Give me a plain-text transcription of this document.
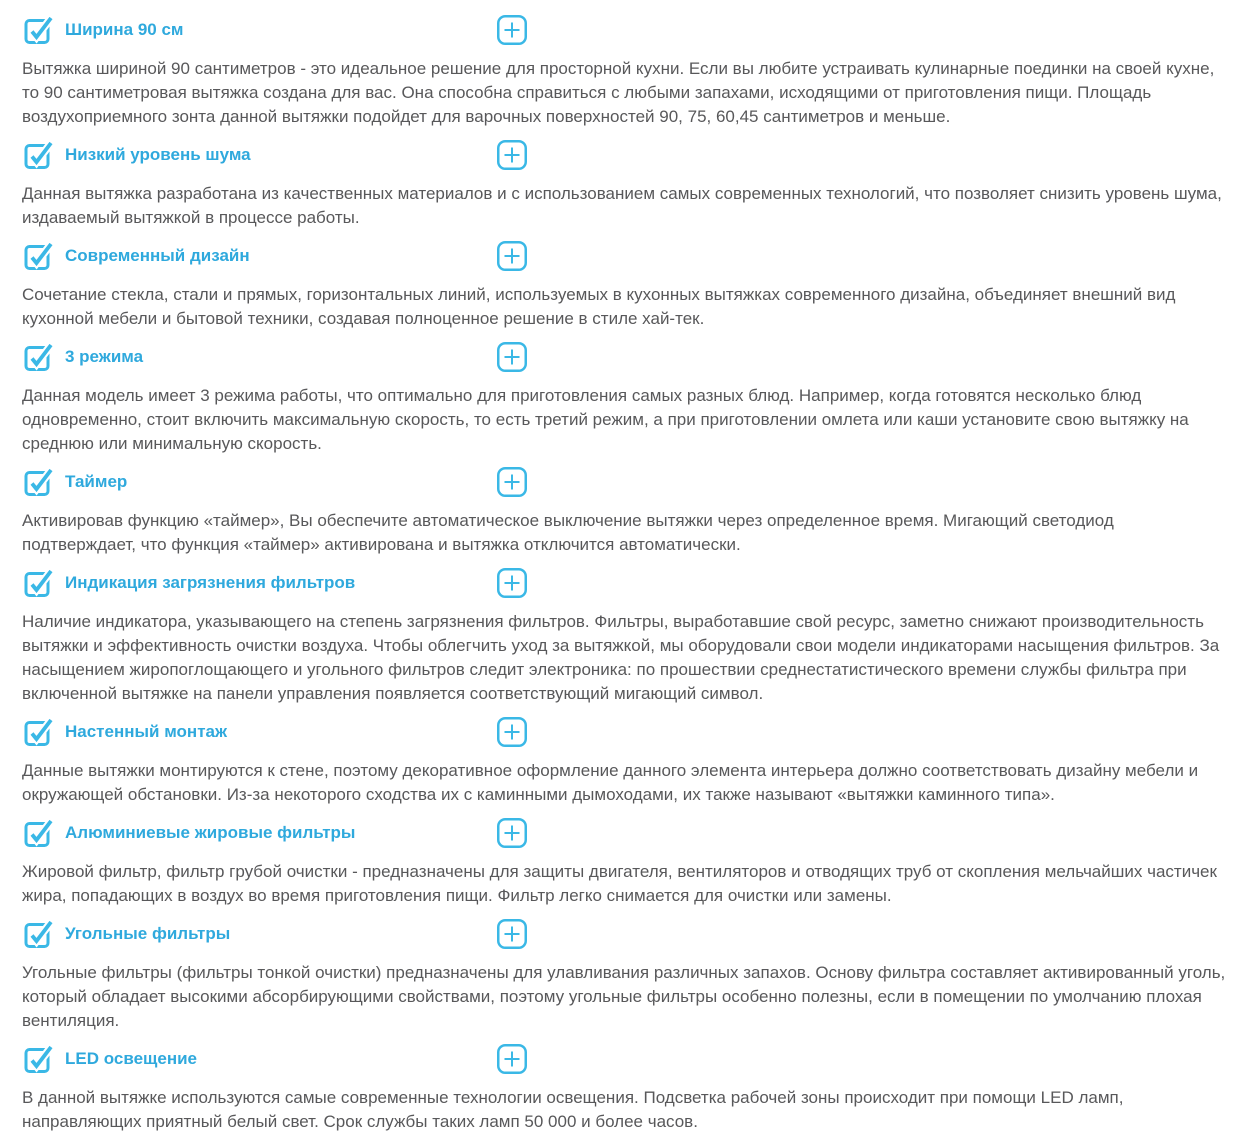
Ширина 90 см

Вытяжка шириной 90 сантиметров - это идеальное решение для просторной кухни. Если вы любите устраивать кулинарные поединки на своей кухне, то 90 сантиметровая вытяжка создана для вас. Она способна справиться с любыми запахами, исходящими от приготовления пищи. Площадь воздухоприемного зонта данной вытяжки подойдет для варочных поверхностей 90, 75, 60,45 сантиметров и меньше.

Низкий уровень шума

Данная вытяжка разработана из качественных материалов и с использованием самых современных технологий, что позволяет снизить уровень шума, издаваемый вытяжкой в процессе работы.

Современный дизайн

Сочетание стекла, стали и прямых, горизонтальных линий, используемых в кухонных вытяжках современного дизайна, объединяет внешний вид кухонной мебели и бытовой техники, создавая полноценное решение в стиле хай-тек.

3 режима

Данная модель имеет 3 режима работы, что оптимально для приготовления самых разных блюд. Например, когда готовятся несколько блюд одновременно, стоит включить максимальную скорость, то есть третий режим, а при приготовлении омлета или каши установите свою вытяжку на среднюю или минимальную скорость.

Таймер

Активировав функцию «таймер», Вы обеспечите автоматическое выключение вытяжки через определенное время. Мигающий светодиод подтверждает, что функция «таймер» активирована и вытяжка отключится автоматически.

Индикация загрязнения фильтров

Наличие индикатора, указывающего на степень загрязнения фильтров. Фильтры, выработавшие свой ресурс, заметно снижают производительность вытяжки и эффективность очистки воздуха. Чтобы облегчить уход за вытяжкой, мы оборудовали свои модели индикаторами насыщения фильтров. За насыщением жиропоглощающего и угольного фильтров следит электроника: по прошествии среднестатистического времени службы фильтра при включенной вытяжке на панели управления появляется соответствующий мигающий символ.

Настенный монтаж

Данные вытяжки монтируются к стене, поэтому декоративное оформление данного элемента интерьера должно соответствовать дизайну мебели и окружающей обстановки. Из-за некоторого сходства их с каминными дымоходами, их также называют «вытяжки каминного типа».

Алюминиевые жировые фильтры

Жировой фильтр, фильтр грубой очистки - предназначены для защиты двигателя, вентиляторов и отводящих труб от скопления мельчайших частичек жира, попадающих в воздух во время приготовления пищи. Фильтр легко снимается для очистки или замены.

Угольные фильтры

Угольные фильтры (фильтры тонкой очистки) предназначены для улавливания различных запахов. Основу фильтра составляет активированный уголь, который обладает высокими абсорбирующими свойствами, поэтому угольные фильтры особенно полезны, если в помещении по умолчанию плохая вентиляция.

LED освещение

В данной вытяжке используются самые современные технологии освещения. Подсветка рабочей зоны происходит при помощи LED ламп, направляющих приятный белый свет. Срок службы таких ламп 50 000 и более часов.
